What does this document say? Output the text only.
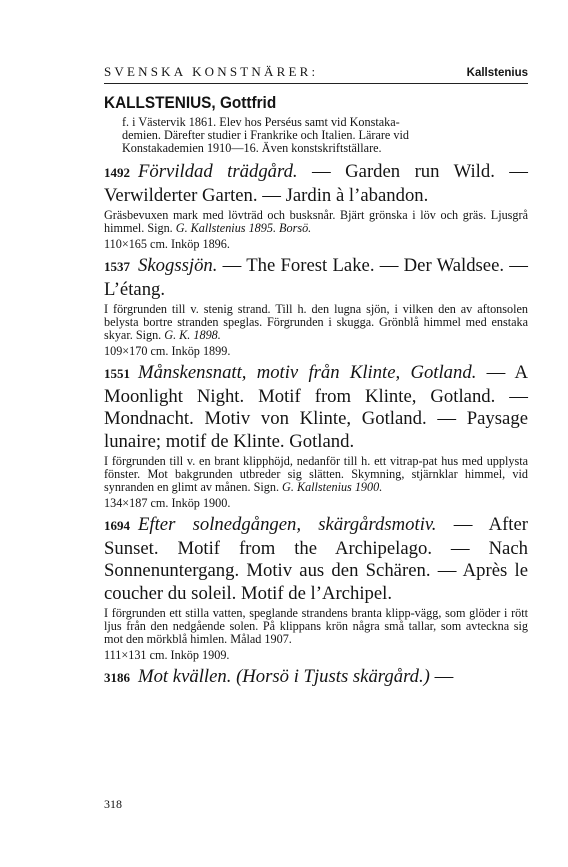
SVENSKA KONSTNÄRER:	Kallstenius
KALLSTENIUS, Gottfrid
f. i Västervik 1861. Elev hos Perséus samt vid Konstaka-
demien. Därefter studier i Frankrike och Italien. Lärare vid
Konstakademien 1910—16. Även konstskriftställare.

1492 Förvildad trädgård. — Garden run Wild. — Verwilderter Garten. — Jardin à l’abandon.

Gräsbevuxen mark med lövträd och busksnår. Bjärt grönska i löv och gräs. Ljusgrå himmel. Sign. G. Kallstenius 1895. Borsö.

110×165 cm. Inköp 1896.

1537 Skogssjön. — The Forest Lake. — Der Waldsee. — L’étang.

I förgrunden till v. stenig strand. Till h. den lugna sjön, i vilken den av aftonsolen belysta bortre stranden speglas. Förgrunden i skugga. Grönblå himmel med enstaka skyar. Sign. G. K. 1898.

109×170 cm. Inköp 1899.

1551 Månskensnatt, motiv från Klinte, Gotland. — A Moonlight Night. Motif from Klinte, Gotland. — Mondnacht. Motiv von Klinte, Gotland. — Paysage lunaire; motif de Klinte. Gotland.

I förgrunden till v. en brant klipphöjd, nedanför till h. ett vitrap-pat hus med upplysta fönster. Mot bakgrunden utbreder sig slätten. Skymning, stjärnklar himmel, vid synranden en glimt av månen. Sign. G. Kallstenius 1900.

134×187 cm. Inköp 1900.

1694 Efter solnedgången, skärgårdsmotiv. — After Sunset. Motif from the Archipelago. — Nach Sonnenuntergang. Motiv aus den Schären. — Après le coucher du soleil. Motif de l’Archipel.

I förgrunden ett stilla vatten, speglande strandens branta klipp-vägg, som glöder i rött ljus från den nedgående solen. På klippans krön några små tallar, som avteckna sig mot den mörkblå himlen. Målad 1907.

111×131 cm. Inköp 1909.

3186 Mot kvällen. (Horsö i Tjusts skärgård.) —

318
